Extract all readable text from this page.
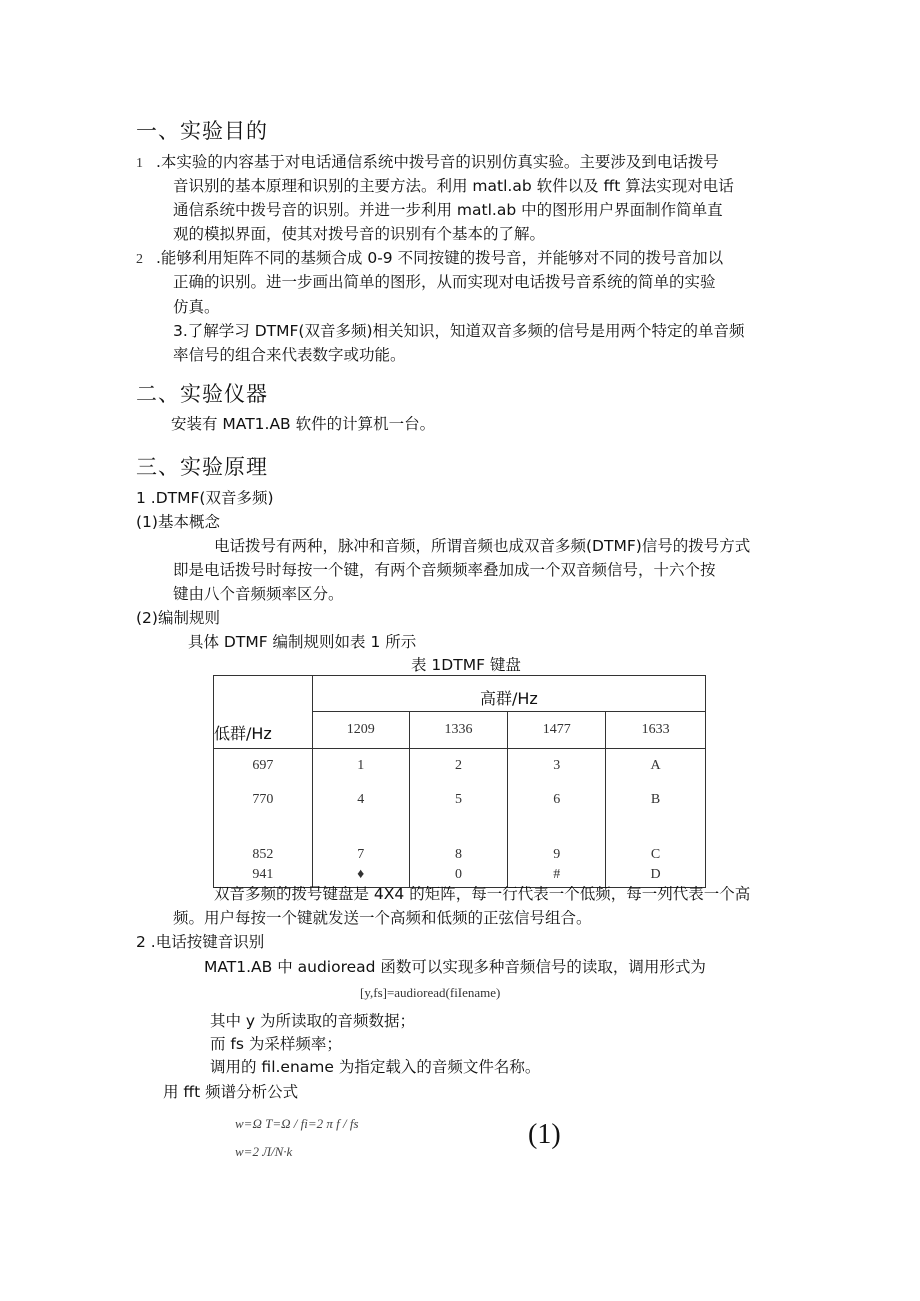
一、实验目的
1 .本实验的内容基于对电话通信系统中拨号音的识别仿真实验。主要涉及到电话拨号
音识别的基本原理和识别的主要方法。利用 matl.ab 软件以及 fft 算法实现对电话
通信系统中拨号音的识别。并进一步利用 matl.ab 中的图形用户界面制作简单直
观的模拟界面，使其对拨号音的识别有个基本的了解。
2 .能够利用矩阵不同的基频合成 0-9 不同按键的拨号音，并能够对不同的拨号音加以
正确的识别。进一步画出简单的图形，从而实现对电话拨号音系统的简单的实验
仿真。
3.了解学习 DTMF(双音多频)相关知识，知道双音多频的信号是用两个特定的单音频
率信号的组合来代表数字或功能。
二、实验仪器
安装有 MAT1.AB 软件的计算机一台。
三、实验原理
1 .DTMF(双音多频)
(1)基本概念
电话拨号有两种，脉冲和音频，所谓音频也成双音多频(DTMF)信号的拨号方式
即是电话拨号时每按一个键，有两个音频频率叠加成一个双音频信号，十六个按
键由八个音频频率区分。
(2)编制规则
具体 DTMF 编制规则如表 1 所示
表 1DTMF 键盘
低群/Hz	高群/Hz			
	1209	1336	1477	1633
697	1	2	3	A
770	4	5	6	B
852	7	8	9	C
941	♦	0	#	D
双音多频的拨号键盘是 4X4 的矩阵，每一行代表一个低频，每一列代表一个高
频。用户每按一个键就发送一个高频和低频的正弦信号组合。
2 .电话按键音识别
MAT1.AB 中 audioread 函数可以实现多种音频信号的读取，调用形式为
[y,fs]=audioread(fiIename)
其中 y 为所读取的音频数据；
而 fs 为采样频率；
调用的 fil.ename 为指定载入的音频文件名称。
用 fft 频谱分析公式
w=Ω T=Ω / fi=2 π f / fs
w=2 Л/N·k
(1)
